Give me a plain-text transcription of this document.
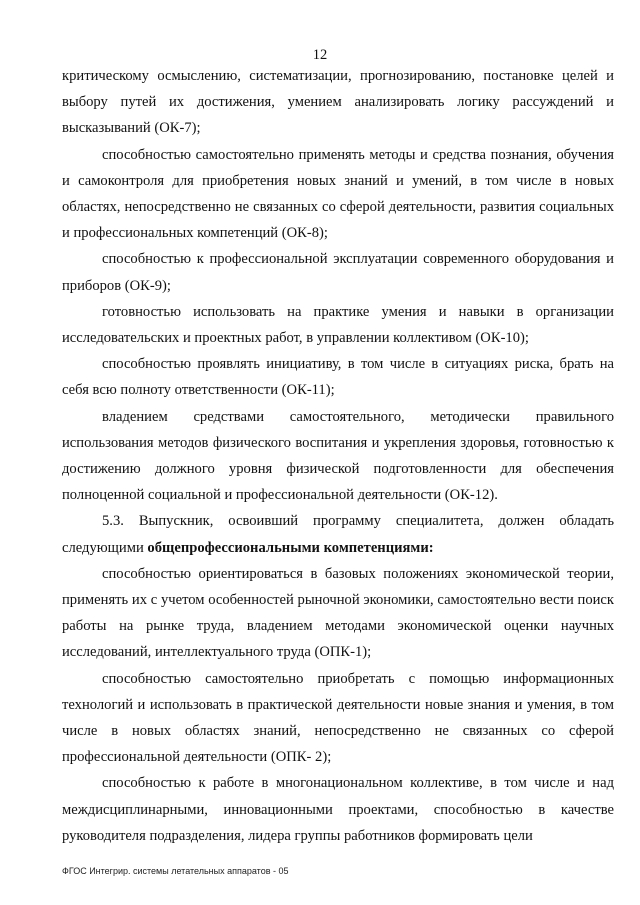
12

критическому осмыслению, систематизации, прогнозированию, постановке целей и выбору путей их достижения, умением анализировать логику рассуждений и высказываний (ОК-7);

способностью самостоятельно применять методы и средства познания, обучения и самоконтроля для приобретения новых знаний и умений, в том числе в новых областях, непосредственно не связанных со сферой деятельности, развития социальных и профессиональных компетенций (ОК-8);

способностью к профессиональной эксплуатации современного оборудования и приборов (ОК-9);

готовностью использовать на практике умения и навыки в организации исследовательских и проектных работ, в управлении коллективом (ОК-10);

способностью проявлять инициативу, в том числе в ситуациях риска, брать на себя всю полноту ответственности (ОК-11);

владением средствами самостоятельного, методически правильного использования методов физического воспитания и укрепления здоровья, готовностью к достижению должного уровня физической подготовленности для обеспечения полноценной социальной и профессиональной деятельности (ОК-12).

5.3. Выпускник, освоивший программу специалитета, должен обладать следующими общепрофессиональными компетенциями:

способностью ориентироваться в базовых положениях экономической теории, применять их с учетом особенностей рыночной экономики, самостоятельно вести поиск работы на рынке труда, владением методами экономической оценки научных исследований, интеллектуального труда (ОПК-1);

способностью самостоятельно приобретать с помощью информационных технологий и использовать в практической деятельности новые знания и умения, в том числе в новых областях знаний, непосредственно не связанных со сферой профессиональной деятельности (ОПК- 2);

способностью к работе в многонациональном коллективе, в том числе и над междисциплинарными, инновационными проектами, способностью в качестве руководителя подразделения, лидера группы работников формировать цели

ФГОС Интегрир. системы летательных аппаратов - 05
